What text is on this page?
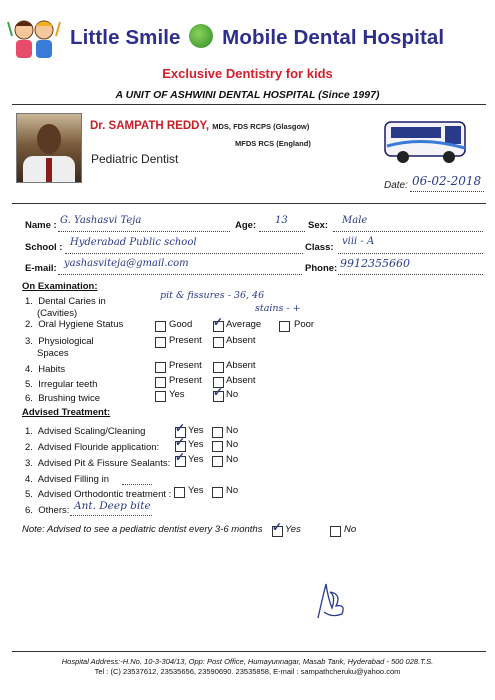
Little Smile Mobile Dental Hospital
Exclusive Dentistry for kids
A UNIT OF ASHWINI DENTAL HOSPITAL (Since 1997)
Dr. SAMPATH REDDY, MDS, FDS RCPS (Glasgow)
MFDS RCS (England)
Pediatric Dentist
Date: 06-02-2018
Name : G. Yashasvi Teja	Age: 13 Sex: Male
School : Hyderabad Public school	Class:
viii - A
E-mail: yashasviteja@gmail.com	Phone: 9912355660
On Examination:
1. Dental Caries in
(Cavities)
pit & fissures - 36, 46
stains - +
2. Oral Hygiene Status	Good ✓ Average	Poor
3. Physiological
Spaces
Present	Absent
4. Habits	Present	Absent
5. Irregular teeth	Present	Absent
6. Brushing twice	Yes ✓ No
Advised Treatment:
1. Advised Scaling/Cleaning ✓ Yes No
2. Advised Flouride application: ✓ Yes No
3. Advised Pit & Fissure Sealants: ✓ Yes No
4. Advised Filling in
5. Advised Orthodontic treatment : Yes No
6. Others: Ant. Deep bite
Note: Advised to see a pediatric dentist every 3-6 months ✓ Yes	No
Hospital Address:-H.No. 10-3-304/13, Opp: Post Office, Humayunnagar, Masab Tank, Hyderabad - 500 028.T.S.
Tel : (C) 23537612, 23535656, 23590690. 23535858, E-mail : sampathcheruku@yahoo.com
